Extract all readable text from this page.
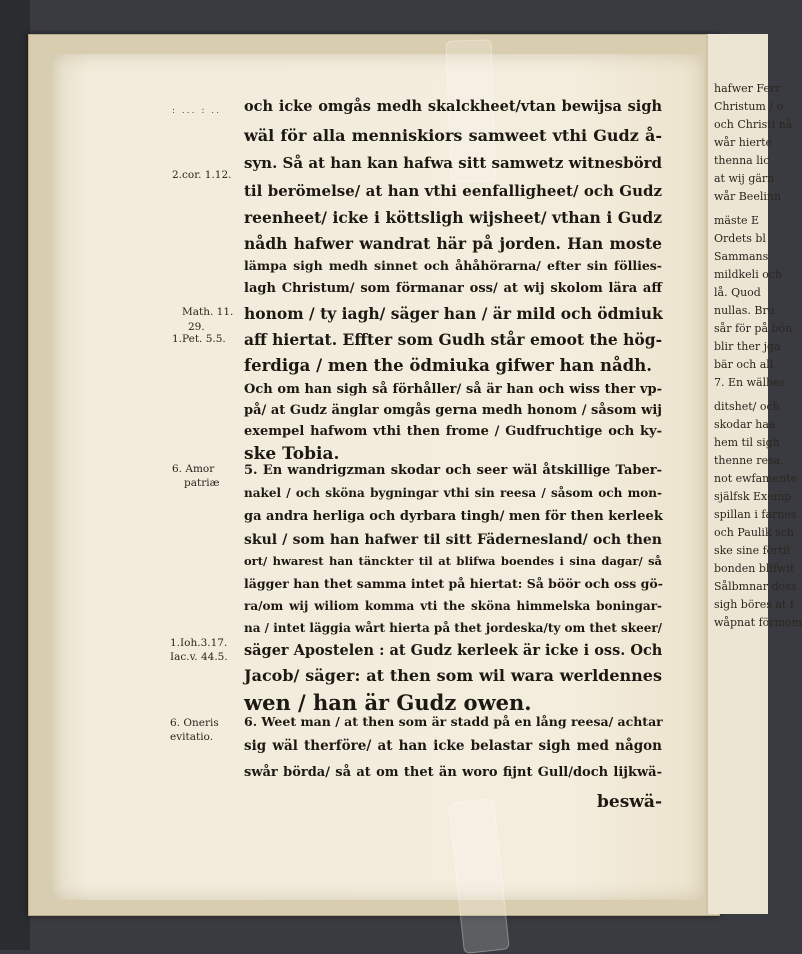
: ... : ..
2.cor. 1.12.
Math. 11.
29.
1.Pet. 5.5.
6. Amor
patriæ
1.Ioh.3.17.
Iac.v. 44.5.
6. Oneris
evitatio.
och icke omgås medh skalckheet/vtan bewijsa sigh
wäl för alla menniskiors samweet vthi Gudz å-
syn. Så at han kan hafwa sitt samwetz witnesbörd
til berömelse/ at han vthi eenfalligheet/ och Gudz
reenheet/ icke i köttsligh wijsheet/ vthan i Gudz
nådh hafwer wandrat här på jorden. Han moste
lämpa sigh medh sinnet och åhåhörarna/ efter sin föllies-
lagh Christum/ som förmanar oss/ at wij skolom lära aff
honom / ty iagh/ säger han / är mild och ödmiuk
aff hiertat. Effter som Gudh står emoot the hög-
ferdiga / men the ödmiuka gifwer han nådh.
Och om han sigh så förhåller/ så är han och wiss ther vp-
på/ at Gudz änglar omgås gerna medh honom / såsom wij
exempel hafwom vthi then frome / Gudfruchtige och ky-
ske Tobia.
5. En wandrigzman skodar och seer wäl åtskillige Taber-
nakel / och sköna bygningar vthi sin reesa / såsom och mon-
ga andra herliga och dyrbara tingh/ men för then kerleek
skul / som han hafwer til sitt Fädernesland/ och then
ort/ hwarest han tänckter til at blifwa boendes i sina dagar/ så
lägger han thet samma intet på hiertat: Så böör och oss gö-
ra/om wij wiliom komma vti the sköna himmelska boningar-
na / intet läggia wårt hierta på thet jordeska/ty om thet skeer/
säger Apostelen : at Gudz kerleek är icke i oss. Och
Jacob/ säger: at then som wil wara werldennes
wen / han är Gudz owen.
6. Weet man / at then som är stadd på en lång reesa/ achtar
sig wäl therföre/ at han icke belastar sigh med någon
swår börda/ så at om thet än woro fijnt Gull/doch lijkwä-
beswä-
hafwer Ferr
Christum / o
och Christi nå
wår hierte
thenna lic
at wij gärn
wår Beelinn
mäste E
Ordets bl
Sammans
mildkeli och
lå. Quod
nullas. Bru
sår för på bön
blir ther jga
bär och all
7. En wälbes
ditshet/ och
skodar haa
hem til sigh
thenne resa.
not ewfamente
själfsk Exemp
spillan i farnes
och Paulik sch
ske sine förtil
bonden blifwit
Sålbmnar doss
sigh böres at f
wåpnat förmom
